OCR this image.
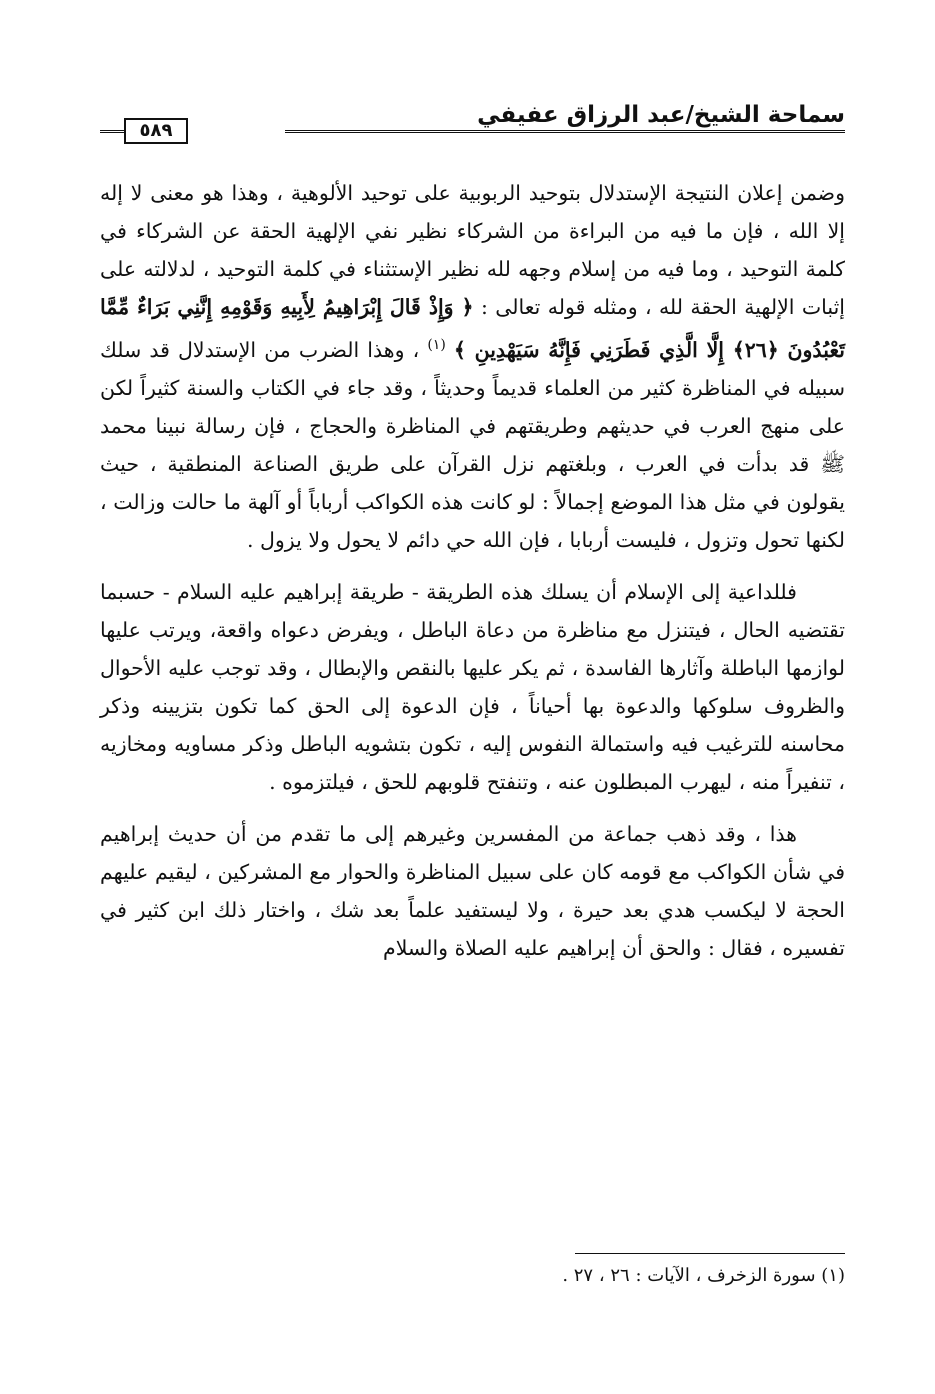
سماحة الشيخ/عبد الرزاق عفيفي
٥٨٩

وضمن إعلان النتيجة الإستدلال بتوحيد الربوبية على توحيد الألوهية ، وهذا هو معنى لا إله إلا الله ، فإن ما فيه من البراءة من الشركاء نظير نفي الإلهية الحقة عن الشركاء في كلمة التوحيد ، وما فيه من إسلام وجهه لله نظير الإستثناء في كلمة التوحيد ، لدلالته على إثبات الإلهية الحقة لله ، ومثله قوله تعالى : ﴿ وَإِذْ قَالَ إِبْرَاهِيمُ لِأَبِيهِ وَقَوْمِهِ إِنَّنِي بَرَاءٌ مِّمَّا تَعْبُدُونَ ﴿٢٦﴾ إِلَّا الَّذِي فَطَرَنِي فَإِنَّهُ سَيَهْدِينِ ﴾ $^{(١)}$ ، وهذا الضرب من الإستدلال قد سلك سبيله في المناظرة كثير من العلماء قديماً وحديثاً ، وقد جاء في الكتاب والسنة كثيراً لكن على منهج العرب في حديثهم وطريقتهم في المناظرة والحجاج ، فإن رسالة نبينا محمد ﷺ قد بدأت في العرب ، وبلغتهم نزل القرآن على طريق الصناعة المنطقية ، حيث يقولون في مثل هذا الموضع إجمالاً : لو كانت هذه الكواكب أرباباً أو آلهة ما حالت وزالت ، لكنها تحول وتزول ، فليست أربابا ، فإن الله حي دائم لا يحول ولا يزول .

فللداعية إلى الإسلام أن يسلك هذه الطريقة - طريقة إبراهيم عليه السلام - حسبما تقتضيه الحال ، فيتنزل مع مناظرة من دعاة الباطل ، ويفرض دعواه واقعة، ويرتب عليها لوازمها الباطلة وآثارها الفاسدة ، ثم يكر عليها بالنقص والإبطال ، وقد توجب عليه الأحوال والظروف سلوكها والدعوة بها أحياناً ، فإن الدعوة إلى الحق كما تكون بتزيينه وذكر محاسنه للترغيب فيه واستمالة النفوس إليه ، تكون بتشويه الباطل وذكر مساويه ومخازيه ، تنفيراً منه ، ليهرب المبطلون عنه ، وتنفتح قلوبهم للحق ، فيلتزموه .

هذا ، وقد ذهب جماعة من المفسرين وغيرهم إلى ما تقدم من أن حديث إبراهيم في شأن الكواكب مع قومه كان على سبيل المناظرة والحوار مع المشركين ، ليقيم عليهم الحجة لا ليكسب هدي بعد حيرة ، ولا ليستفيد علماً بعد شك ، واختار ذلك ابن كثير في تفسيره ، فقال : والحق أن إبراهيم عليه الصلاة والسلام

(١) سورة الزخرف ، الآيات : ٢٦ ، ٢٧ .
